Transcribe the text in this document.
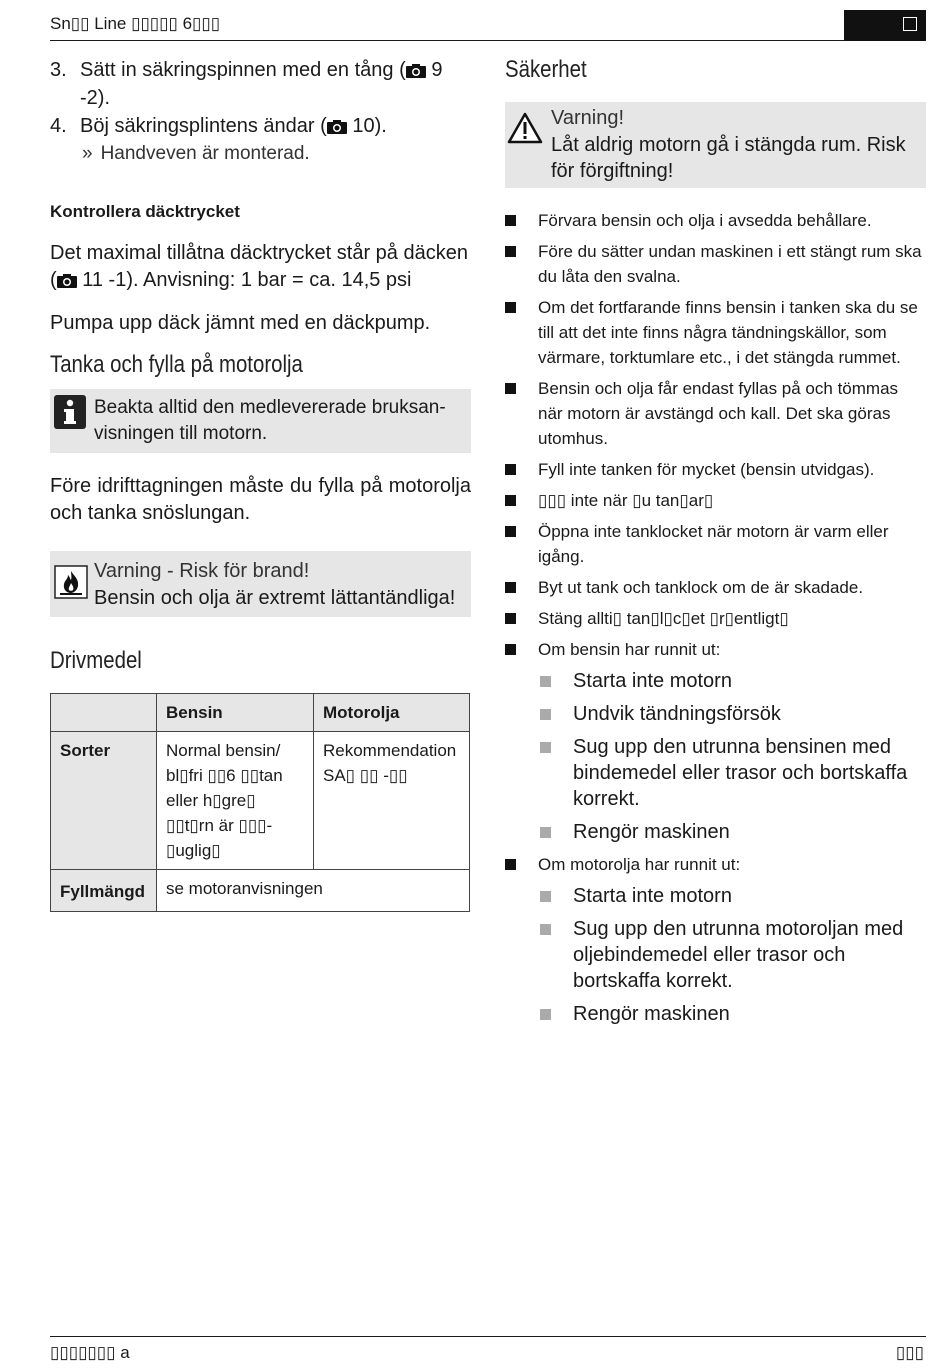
Sn▯▯ Line ▯▯▯▯▯ 6▯▯▯
3. Sätt in säkringspinnen med en tång ( 9 -2).
4. Böj säkringsplintens ändar ( 10).
» Handveven är monterad.
Kontrollera däcktrycket
Det maximal tillåtna däcktrycket står på däcken ( 11 -1). Anvisning: 1 bar = ca. 14,5 psi
Pumpa upp däck jämnt med en däckpump.
Tanka och fylla på motorolja
Beakta alltid den medlevererade bruksanvisningen till motorn.
Före idrifttagningen måste du fylla på motorolja och tanka snöslungan.
Varning - Risk för brand!
Bensin och olja är extremt lättantändliga!
Drivmedel
	Bensin	Motorolja
Sorter	Normal bensin/ bl▯fri ▯▯6 ▯▯tan eller h▯gre▯ ▯▯t▯rn är ▯▯▯-▯uglig▯	Rekommendation SA▯ ▯▯ -▯▯
Fyllmängd	se motoranvisningen	
Säkerhet
Varning!
Låt aldrig motorn gå i stängda rum. Risk för förgiftning!
Förvara bensin och olja i avsedda behållare.
Före du sätter undan maskinen i ett stängt rum ska du låta den svalna.
Om det fortfarande finns bensin i tanken ska du se till att det inte finns några tändningskällor, som värmare, torktumlare etc., i det stängda rummet.
Bensin och olja får endast fyllas på och tömmas när motorn är avstängd och kall. Det ska göras utomhus.
Fyll inte tanken för mycket (bensin utvidgas).
▯▯▯ inte när ▯u tan▯ar▯
Öppna inte tanklocket när motorn är varm eller igång.
Byt ut tank och tanklock om de är skadade.
Stäng allti▯ tan▯l▯c▯et ▯r▯entligt▯
Om bensin har runnit ut:
Starta inte motorn
Undvik tändningsförsök
Sug upp den utrunna bensinen med bindemedel eller trasor och bortskaffa korrekt.
Rengör maskinen
Om motorolja har runnit ut:
Starta inte motorn
Sug upp den utrunna motoroljan med oljebindemedel eller trasor och bortskaffa korrekt.
Rengör maskinen
▯▯▯▯▯▯▯ a	▯▯▯
